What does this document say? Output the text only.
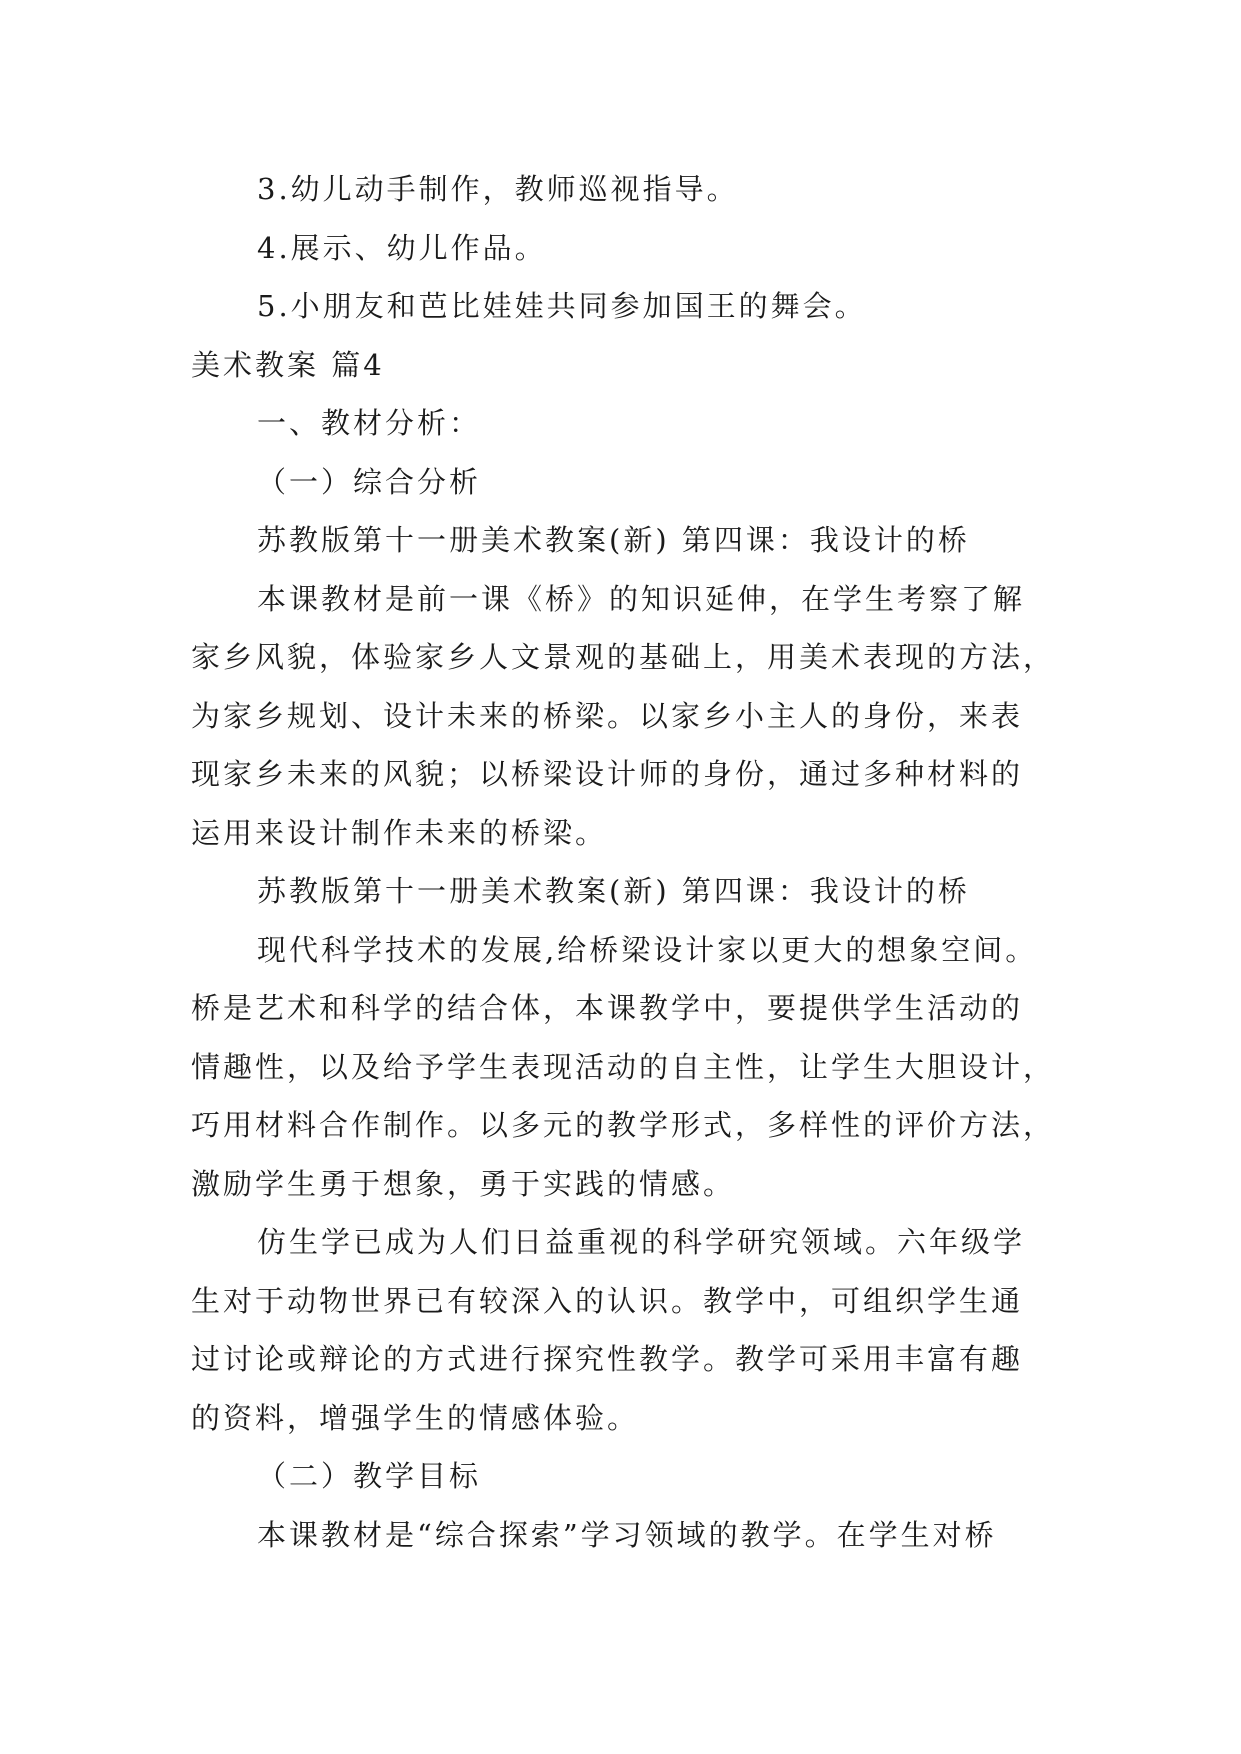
3.幼儿动手制作，教师巡视指导。
4.展示、幼儿作品。
5.小朋友和芭比娃娃共同参加国王的舞会。
美术教案 篇4
一、教材分析：
（一）综合分析
苏教版第十一册美术教案(新) 第四课：我设计的桥
本课教材是前一课《桥》的知识延伸，在学生考察了解
家乡风貌，体验家乡人文景观的基础上，用美术表现的方法，
为家乡规划、设计未来的桥梁。以家乡小主人的身份，来表
现家乡未来的风貌；以桥梁设计师的身份，通过多种材料的
运用来设计制作未来的桥梁。
苏教版第十一册美术教案(新) 第四课：我设计的桥
现代科学技术的发展,给桥梁设计家以更大的想象空间。
桥是艺术和科学的结合体，本课教学中，要提供学生活动的
情趣性，以及给予学生表现活动的自主性，让学生大胆设计，
巧用材料合作制作。以多元的教学形式，多样性的评价方法，
激励学生勇于想象，勇于实践的情感。
仿生学已成为人们日益重视的科学研究领域。六年级学
生对于动物世界已有较深入的认识。教学中，可组织学生通
过讨论或辩论的方式进行探究性教学。教学可采用丰富有趣
的资料，增强学生的情感体验。
（二）教学目标
本课教材是“综合探索”学习领域的教学。在学生对桥
